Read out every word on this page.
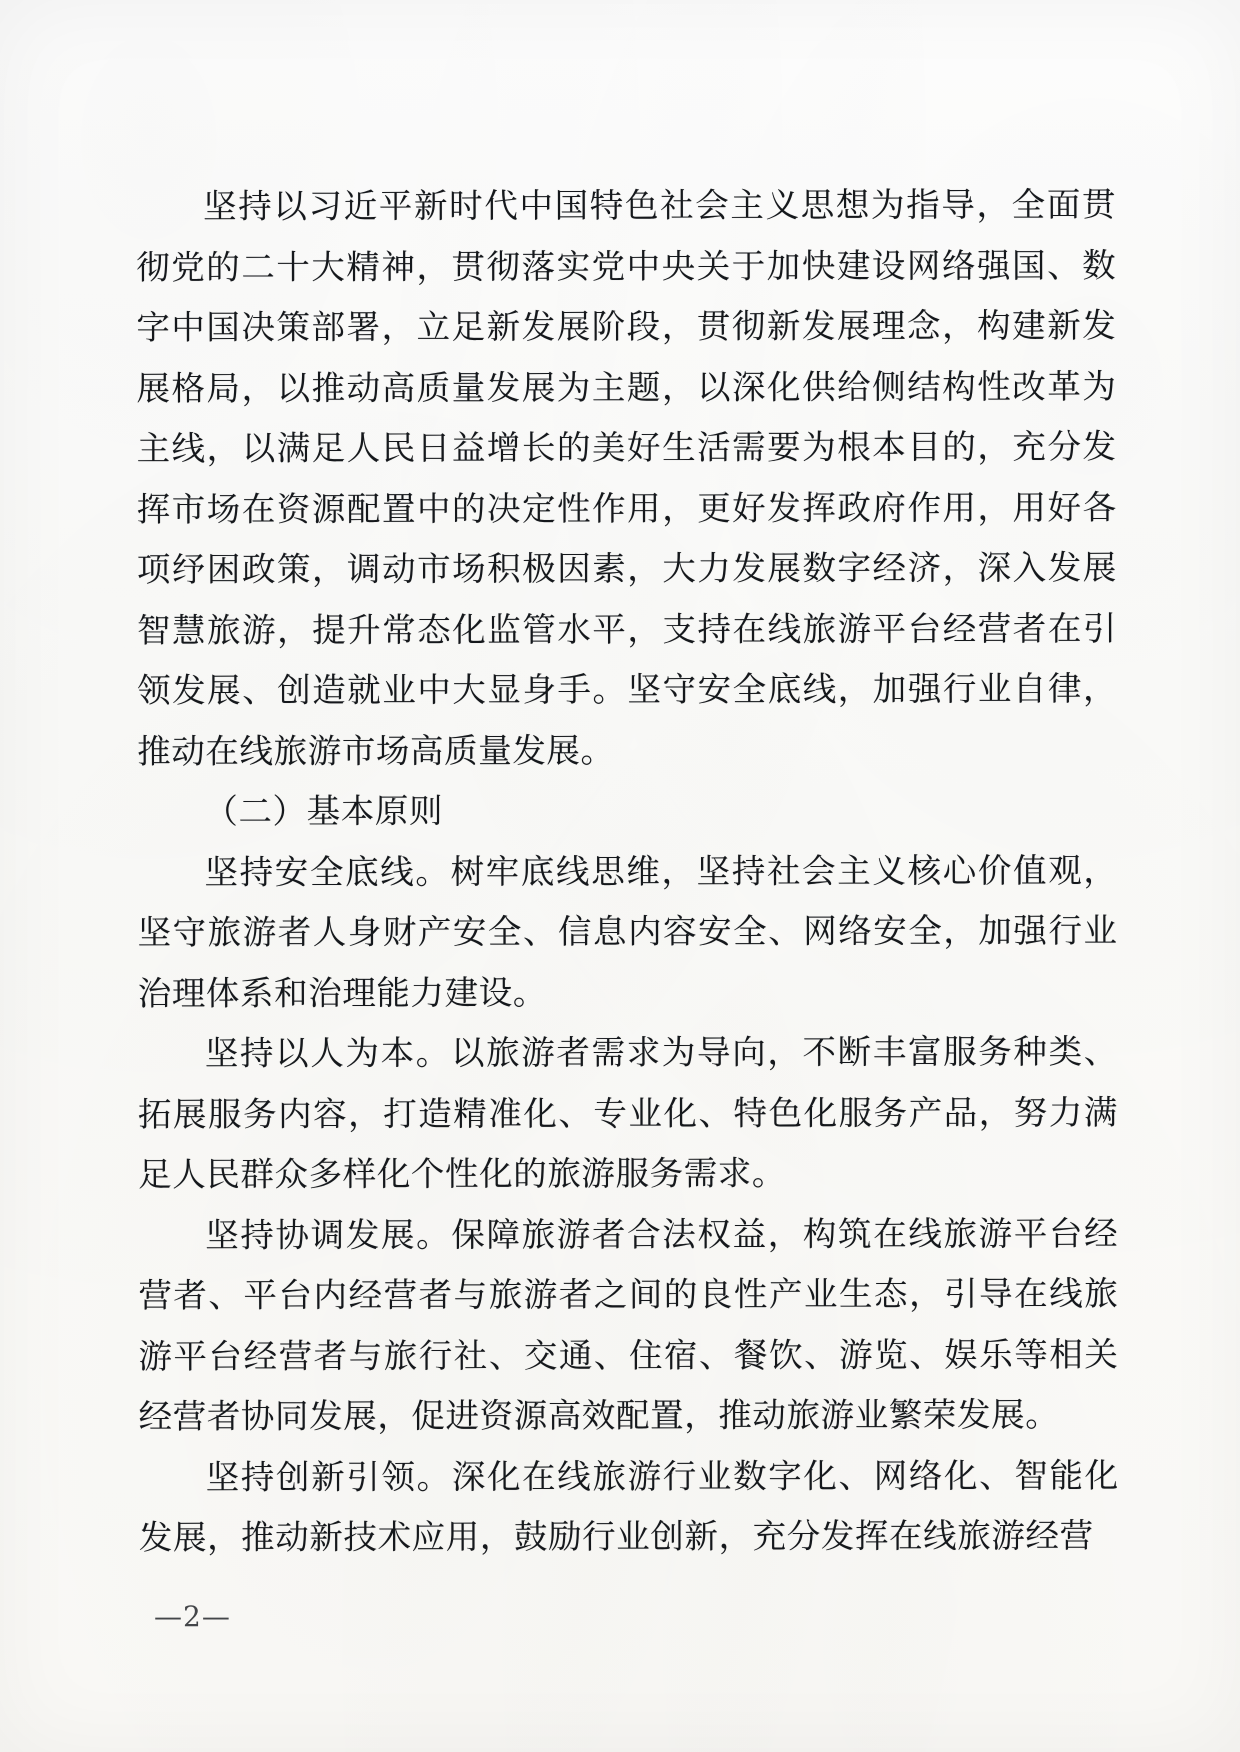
坚持以习近平新时代中国特色社会主义思想为指导，全面贯彻党的二十大精神，贯彻落实党中央关于加快建设网络强国、数字中国决策部署，立足新发展阶段，贯彻新发展理念，构建新发展格局，以推动高质量发展为主题，以深化供给侧结构性改革为主线，以满足人民日益增长的美好生活需要为根本目的，充分发挥市场在资源配置中的决定性作用，更好发挥政府作用，用好各项纾困政策，调动市场积极因素，大力发展数字经济，深入发展智慧旅游，提升常态化监管水平，支持在线旅游平台经营者在引领发展、创造就业中大显身手。坚守安全底线，加强行业自律，推动在线旅游市场高质量发展。

（二）基本原则

坚持安全底线。树牢底线思维，坚持社会主义核心价值观，坚守旅游者人身财产安全、信息内容安全、网络安全，加强行业治理体系和治理能力建设。

坚持以人为本。以旅游者需求为导向，不断丰富服务种类、拓展服务内容，打造精准化、专业化、特色化服务产品，努力满足人民群众多样化个性化的旅游服务需求。

坚持协调发展。保障旅游者合法权益，构筑在线旅游平台经营者、平台内经营者与旅游者之间的良性产业生态，引导在线旅游平台经营者与旅行社、交通、住宿、餐饮、游览、娱乐等相关经营者协同发展，促进资源高效配置，推动旅游业繁荣发展。

坚持创新引领。深化在线旅游行业数字化、网络化、智能化发展，推动新技术应用，鼓励行业创新，充分发挥在线旅游经营

—2—
